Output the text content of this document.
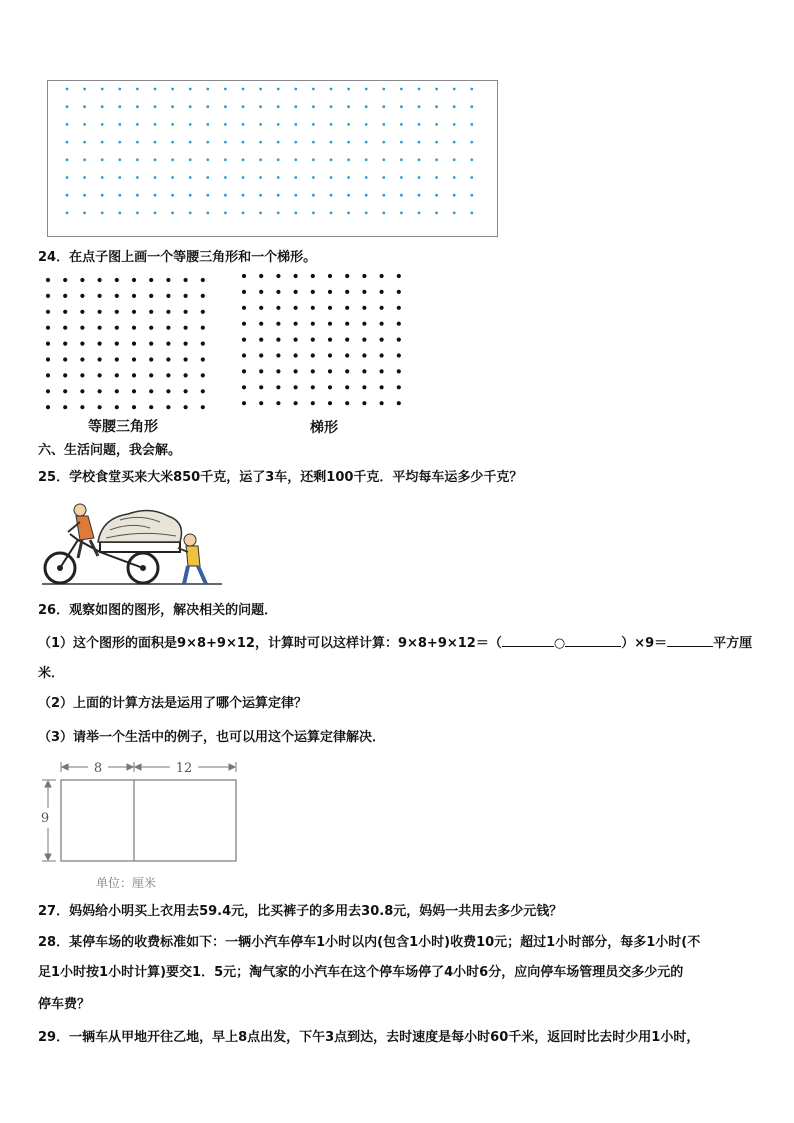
24．在点子图上画一个等腰三角形和一个梯形。
等腰三角形	梯形
六、生活问题，我会解。
25．学校食堂买来大米850千克，运了3车，还剩100千克．平均每车运多少千克？
26．观察如图的图形，解决相关的问题．
（1）这个图形的面积是9×8+9×12，计算时可以这样计算：9×8+9×12＝（	○	）×9＝	平方厘
米．
（2）上面的计算方法是运用了哪个运算定律？
（3）请举一个生活中的例子，也可以用这个运算定律解决．
8	12
9
单位：厘米
27．妈妈给小明买上衣用去59.4元，比买裤子的多用去30.8元，妈妈一共用去多少元钱？
28．某停车场的收费标准如下：一辆小汽车停车1小时以内(包含1小时)收费10元；超过1小时部分，每多1小时(不
足1小时按1小时计算)要交1．5元；淘气家的小汽车在这个停车场停了4小时6分，应向停车场管理员交多少元的
停车费？
29．一辆车从甲地开往乙地，早上8点出发，下午3点到达，去时速度是每小时60千米，返回时比去时少用1小时，
